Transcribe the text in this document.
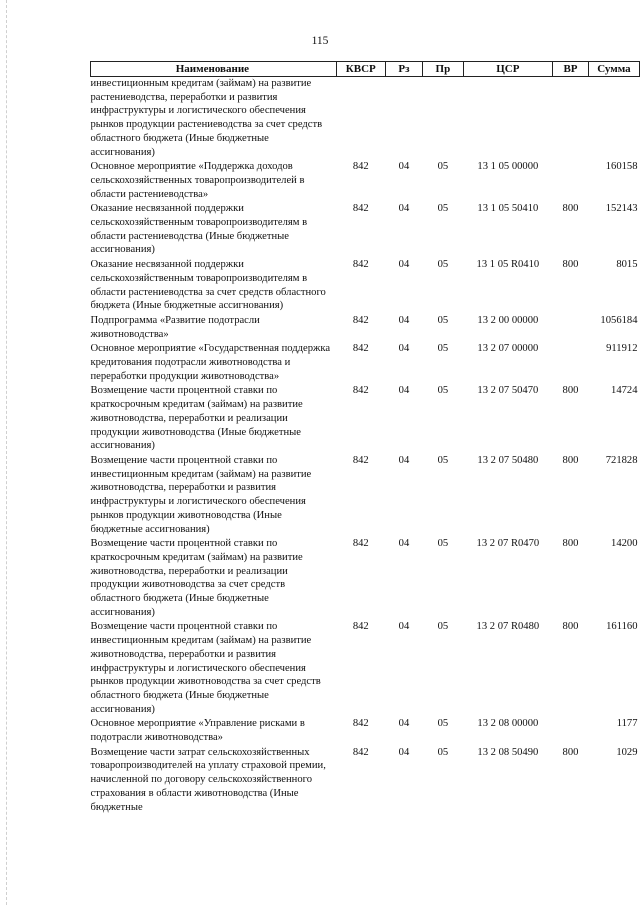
115
Наименование	КВСР	Рз	Пр	ЦСР	ВР	Сумма
инвестиционным кредитам (займам) на развитие растениеводства, переработки и развития инфраструктуры и логистического обеспечения рынков продукции растениеводства за счет средств областного бюджета (Иные бюджетные ассигнования)						
Основное мероприятие «Поддержка доходов сельскохозяйственных товаропроизводителей в области растениеводства»	842	04	05	13 1 05 00000		160158
Оказание несвязанной поддержки сельскохозяйственным товаропроизводителям в области растениеводства (Иные бюджетные ассигнования)	842	04	05	13 1 05 50410	800	152143
Оказание несвязанной поддержки сельскохозяйственным товаропроизводителям в области растениеводства за счет средств областного бюджета (Иные бюджетные ассигнования)	842	04	05	13 1 05 R0410	800	8015
Подпрограмма «Развитие подотрасли животноводства»	842	04	05	13 2 00 00000		1056184
Основное мероприятие «Государственная поддержка кредитования подотрасли животноводства и переработки продукции животноводства»	842	04	05	13 2 07 00000		911912
Возмещение части процентной ставки по краткосрочным кредитам (займам) на развитие животноводства, переработки и реализации продукции животноводства (Иные бюджетные ассигнования)	842	04	05	13 2 07 50470	800	14724
Возмещение части процентной ставки по инвестиционным кредитам (займам) на развитие животноводства, переработки и развития инфраструктуры и логистического обеспечения рынков продукции животноводства (Иные бюджетные ассигнования)	842	04	05	13 2 07 50480	800	721828
Возмещение части процентной ставки по краткосрочным кредитам (займам) на развитие животноводства, переработки и реализации продукции животноводства за счет средств областного бюджета (Иные бюджетные ассигнования)	842	04	05	13 2 07 R0470	800	14200
Возмещение части процентной ставки по инвестиционным кредитам (займам) на развитие животноводства, переработки и развития инфраструктуры и логистического обеспечения рынков продукции животноводства за счет средств областного бюджета (Иные бюджетные ассигнования)	842	04	05	13 2 07 R0480	800	161160
Основное мероприятие «Управление рисками в подотрасли животноводства»	842	04	05	13 2 08 00000		1177
Возмещение части затрат сельскохозяйственных товаропроизводителей на уплату страховой премии, начисленной по договору сельскохозяйственного страхования в области животноводства (Иные бюджетные	842	04	05	13 2 08 50490	800	1029
